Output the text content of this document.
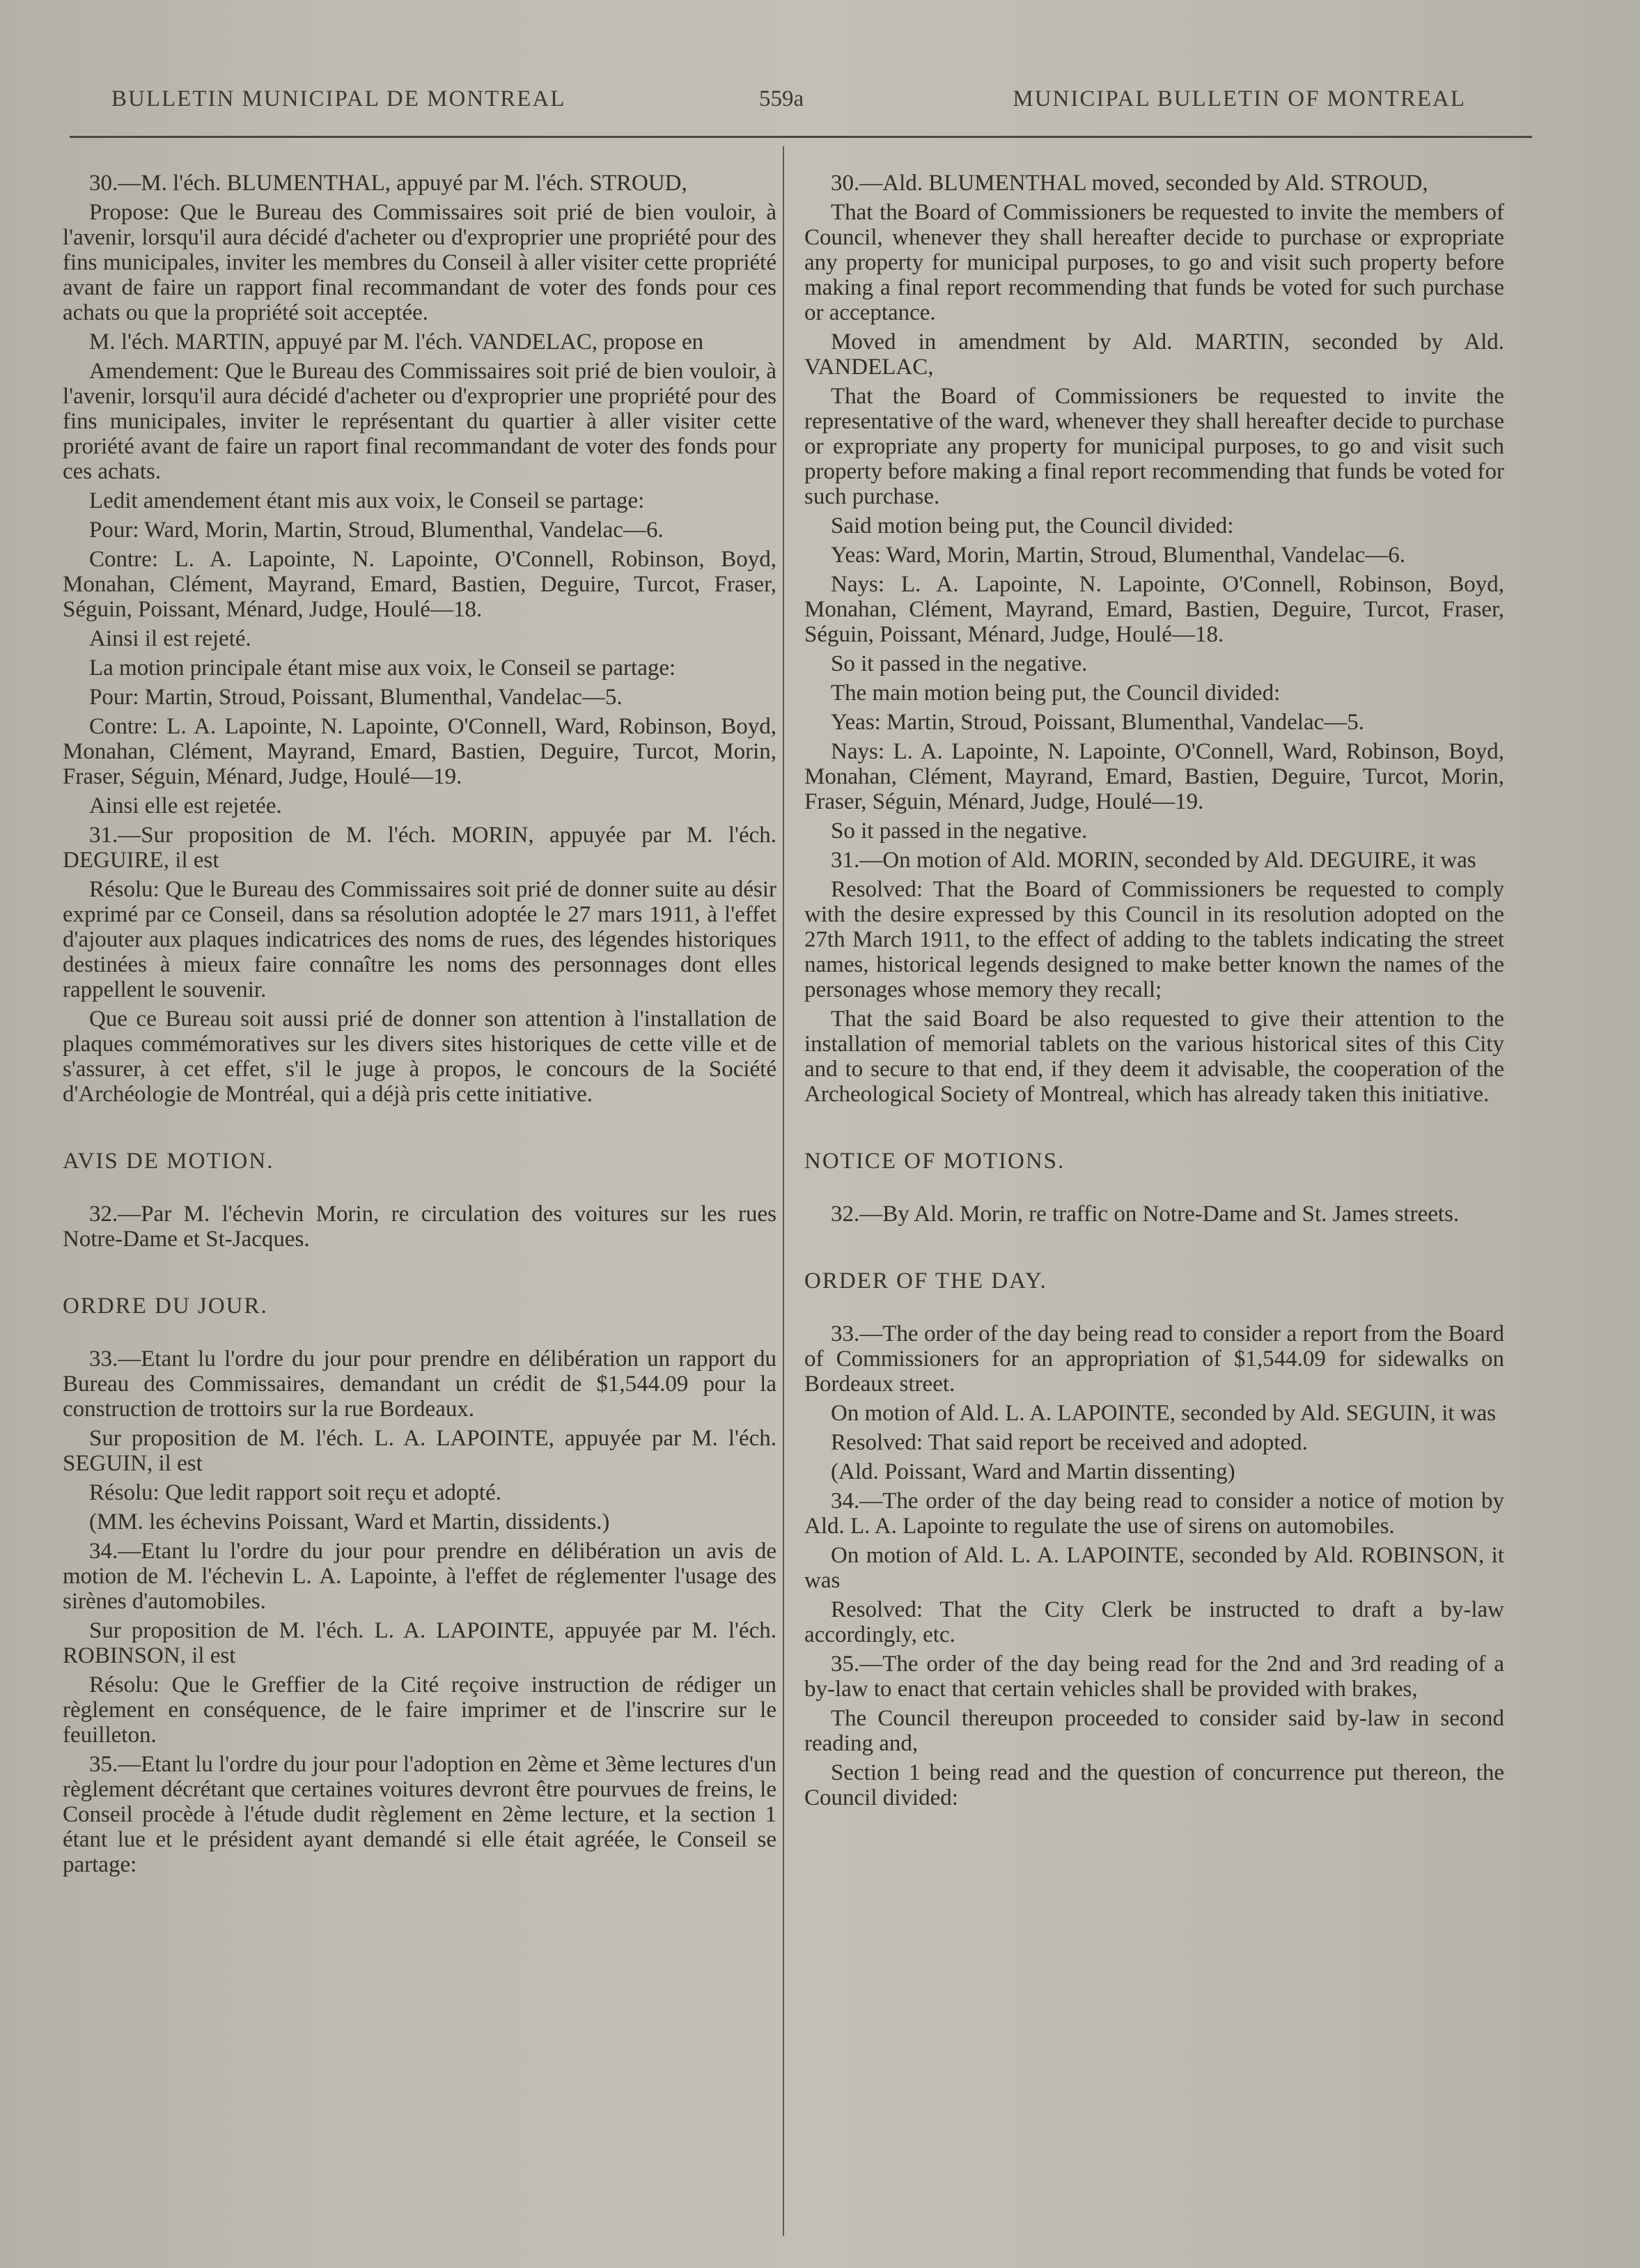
BULLETIN MUNICIPAL DE MONTREAL	559a	MUNICIPAL BULLETIN OF MONTREAL

30.—M. l'éch. BLUMENTHAL, appuyé par M. l'éch. STROUD,

Propose: Que le Bureau des Commissaires soit prié de bien vouloir, à l'avenir, lorsqu'il aura décidé d'acheter ou d'exproprier une propriété pour des fins municipales, inviter les membres du Conseil à aller visiter cette propriété avant de faire un rapport final recommandant de voter des fonds pour ces achats ou que la propriété soit acceptée.

M. l'éch. MARTIN, appuyé par M. l'éch. VANDELAC, propose en

Amendement: Que le Bureau des Commissaires soit prié de bien vouloir, à l'avenir, lorsqu'il aura décidé d'acheter ou d'exproprier une propriété pour des fins municipales, inviter le représentant du quartier à aller visiter cette proriété avant de faire un raport final recommandant de voter des fonds pour ces achats.

Ledit amendement étant mis aux voix, le Conseil se partage:

Pour: Ward, Morin, Martin, Stroud, Blumenthal, Vandelac—6.

Contre: L. A. Lapointe, N. Lapointe, O'Connell, Robinson, Boyd, Monahan, Clément, Mayrand, Emard, Bastien, Deguire, Turcot, Fraser, Séguin, Poissant, Ménard, Judge, Houlé—18.

Ainsi il est rejeté.

La motion principale étant mise aux voix, le Conseil se partage:

Pour: Martin, Stroud, Poissant, Blumenthal, Vandelac—5.

Contre: L. A. Lapointe, N. Lapointe, O'Connell, Ward, Robinson, Boyd, Monahan, Clément, Mayrand, Emard, Bastien, Deguire, Turcot, Morin, Fraser, Séguin, Ménard, Judge, Houlé—19.

Ainsi elle est rejetée.

31.—Sur proposition de M. l'éch. MORIN, appuyée par M. l'éch. DEGUIRE, il est

Résolu: Que le Bureau des Commissaires soit prié de donner suite au désir exprimé par ce Conseil, dans sa résolution adoptée le 27 mars 1911, à l'effet d'ajouter aux plaques indicatrices des noms de rues, des légendes historiques destinées à mieux faire connaître les noms des personnages dont elles rappellent le souvenir.

Que ce Bureau soit aussi prié de donner son attention à l'installation de plaques commémoratives sur les divers sites historiques de cette ville et de s'assurer, à cet effet, s'il le juge à propos, le concours de la Société d'Archéologie de Montréal, qui a déjà pris cette initiative.

AVIS DE MOTION.

32.—Par M. l'échevin Morin, re circulation des voitures sur les rues Notre-Dame et St-Jacques.

ORDRE DU JOUR.

33.—Etant lu l'ordre du jour pour prendre en délibération un rapport du Bureau des Commissaires, demandant un crédit de $1,544.09 pour la construction de trottoirs sur la rue Bordeaux.

Sur proposition de M. l'éch. L. A. LAPOINTE, appuyée par M. l'éch. SEGUIN, il est

Résolu: Que ledit rapport soit reçu et adopté.

(MM. les échevins Poissant, Ward et Martin, dissidents.)

34.—Etant lu l'ordre du jour pour prendre en délibération un avis de motion de M. l'échevin L. A. Lapointe, à l'effet de réglementer l'usage des sirènes d'automobiles.

Sur proposition de M. l'éch. L. A. LAPOINTE, appuyée par M. l'éch. ROBINSON, il est

Résolu: Que le Greffier de la Cité reçoive instruction de rédiger un règlement en conséquence, de le faire imprimer et de l'inscrire sur le feuilleton.

35.—Etant lu l'ordre du jour pour l'adoption en 2ème et 3ème lectures d'un règlement décrétant que certaines voitures devront être pourvues de freins, le Conseil procède à l'étude dudit règlement en 2ème lecture, et la section 1 étant lue et le président ayant demandé si elle était agréée, le Conseil se partage:

30.—Ald. BLUMENTHAL moved, seconded by Ald. STROUD,

That the Board of Commissioners be requested to invite the members of Council, whenever they shall hereafter decide to purchase or expropriate any property for municipal purposes, to go and visit such property before making a final report recommending that funds be voted for such purchase or acceptance.

Moved in amendment by Ald. MARTIN, seconded by Ald. VANDELAC,

That the Board of Commissioners be requested to invite the representative of the ward, whenever they shall hereafter decide to purchase or expropriate any property for municipal purposes, to go and visit such property before making a final report recommending that funds be voted for such purchase.

Said motion being put, the Council divided:

Yeas: Ward, Morin, Martin, Stroud, Blumenthal, Vandelac—6.

Nays: L. A. Lapointe, N. Lapointe, O'Connell, Robinson, Boyd, Monahan, Clément, Mayrand, Emard, Bastien, Deguire, Turcot, Fraser, Séguin, Poissant, Ménard, Judge, Houlé—18.

So it passed in the negative.

The main motion being put, the Council divided:

Yeas: Martin, Stroud, Poissant, Blumenthal, Vandelac—5.

Nays: L. A. Lapointe, N. Lapointe, O'Connell, Ward, Robinson, Boyd, Monahan, Clément, Mayrand, Emard, Bastien, Deguire, Turcot, Morin, Fraser, Séguin, Ménard, Judge, Houlé—19.

So it passed in the negative.

31.—On motion of Ald. MORIN, seconded by Ald. DEGUIRE, it was

Resolved: That the Board of Commissioners be requested to comply with the desire expressed by this Council in its resolution adopted on the 27th March 1911, to the effect of adding to the tablets indicating the street names, historical legends designed to make better known the names of the personages whose memory they recall;

That the said Board be also requested to give their attention to the installation of memorial tablets on the various historical sites of this City and to secure to that end, if they deem it advisable, the cooperation of the Archeological Society of Montreal, which has already taken this initiative.

NOTICE OF MOTIONS.

32.—By Ald. Morin, re traffic on Notre-Dame and St. James streets.

ORDER OF THE DAY.

33.—The order of the day being read to consider a report from the Board of Commissioners for an appropriation of $1,544.09 for sidewalks on Bordeaux street.

On motion of Ald. L. A. LAPOINTE, seconded by Ald. SEGUIN, it was

Resolved: That said report be received and adopted.

(Ald. Poissant, Ward and Martin dissenting)

34.—The order of the day being read to consider a notice of motion by Ald. L. A. Lapointe to regulate the use of sirens on automobiles.

On motion of Ald. L. A. LAPOINTE, seconded by Ald. ROBINSON, it was

Resolved: That the City Clerk be instructed to draft a by-law accordingly, etc.

35.—The order of the day being read for the 2nd and 3rd reading of a by-law to enact that certain vehicles shall be provided with brakes,

The Council thereupon proceeded to consider said by-law in second reading and,

Section 1 being read and the question of concurrence put thereon, the Council divided:
